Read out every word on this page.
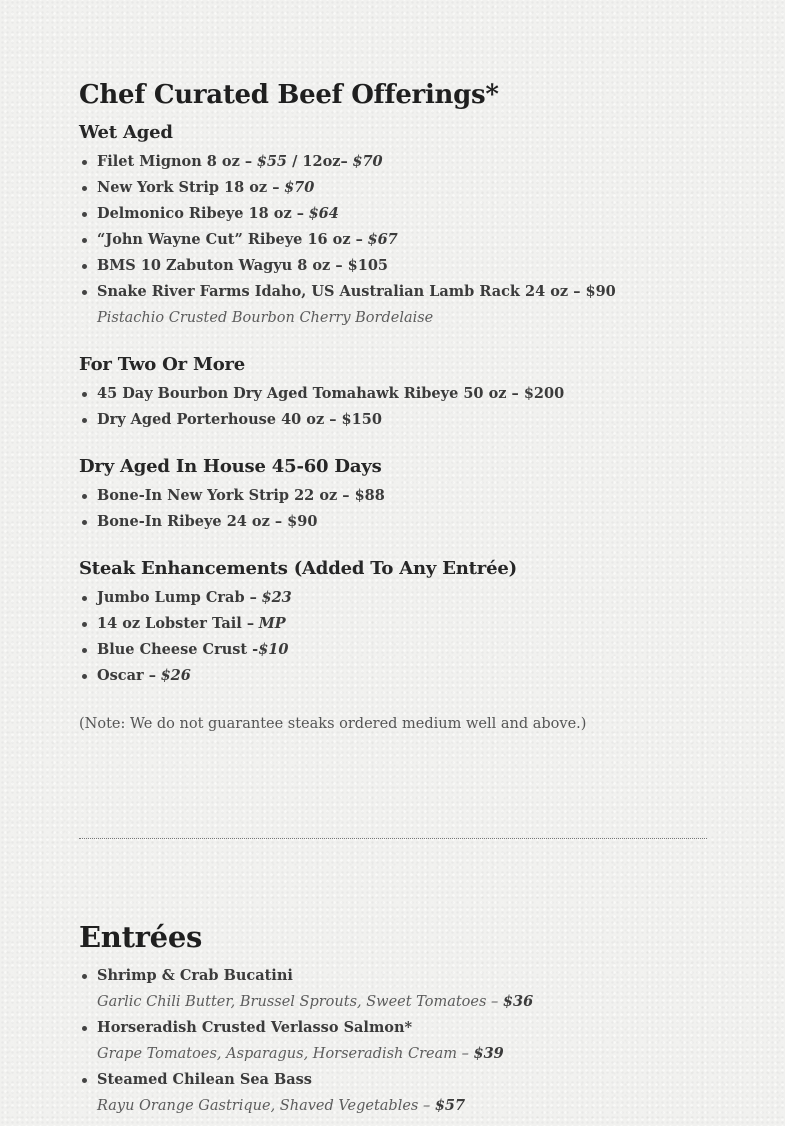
Chef Curated Beef Offerings*
Wet Aged
Filet Mignon 8 oz – $55 / 12oz– $70
New York Strip 18 oz – $70
Delmonico Ribeye 18 oz – $64
“John Wayne Cut” Ribeye 16 oz – $67
BMS 10 Zabuton Wagyu 8 oz – $105
Snake River Farms Idaho, US Australian Lamb Rack 24 oz – $90
Pistachio Crusted Bourbon Cherry Bordelaise
For Two Or More
45 Day Bourbon Dry Aged Tomahawk Ribeye 50 oz – $200
Dry Aged Porterhouse 40 oz – $150
Dry Aged In House 45-60 Days
Bone-In New York Strip 22 oz – $88
Bone-In Ribeye 24 oz – $90
Steak Enhancements (Added To Any Entrée)
Jumbo Lump Crab – $23
14 oz Lobster Tail – MP
Blue Cheese Crust -$10
Oscar – $26
(Note: We do not guarantee steaks ordered medium well and above.)
Entrées
Shrimp & Crab Bucatini
Garlic Chili Butter, Brussel Sprouts, Sweet Tomatoes – $36
Horseradish Crusted Verlasso Salmon*
Grape Tomatoes, Asparagus, Horseradish Cream – $39
Steamed Chilean Sea Bass
Rayu Orange Gastrique, Shaved Vegetables – $57
